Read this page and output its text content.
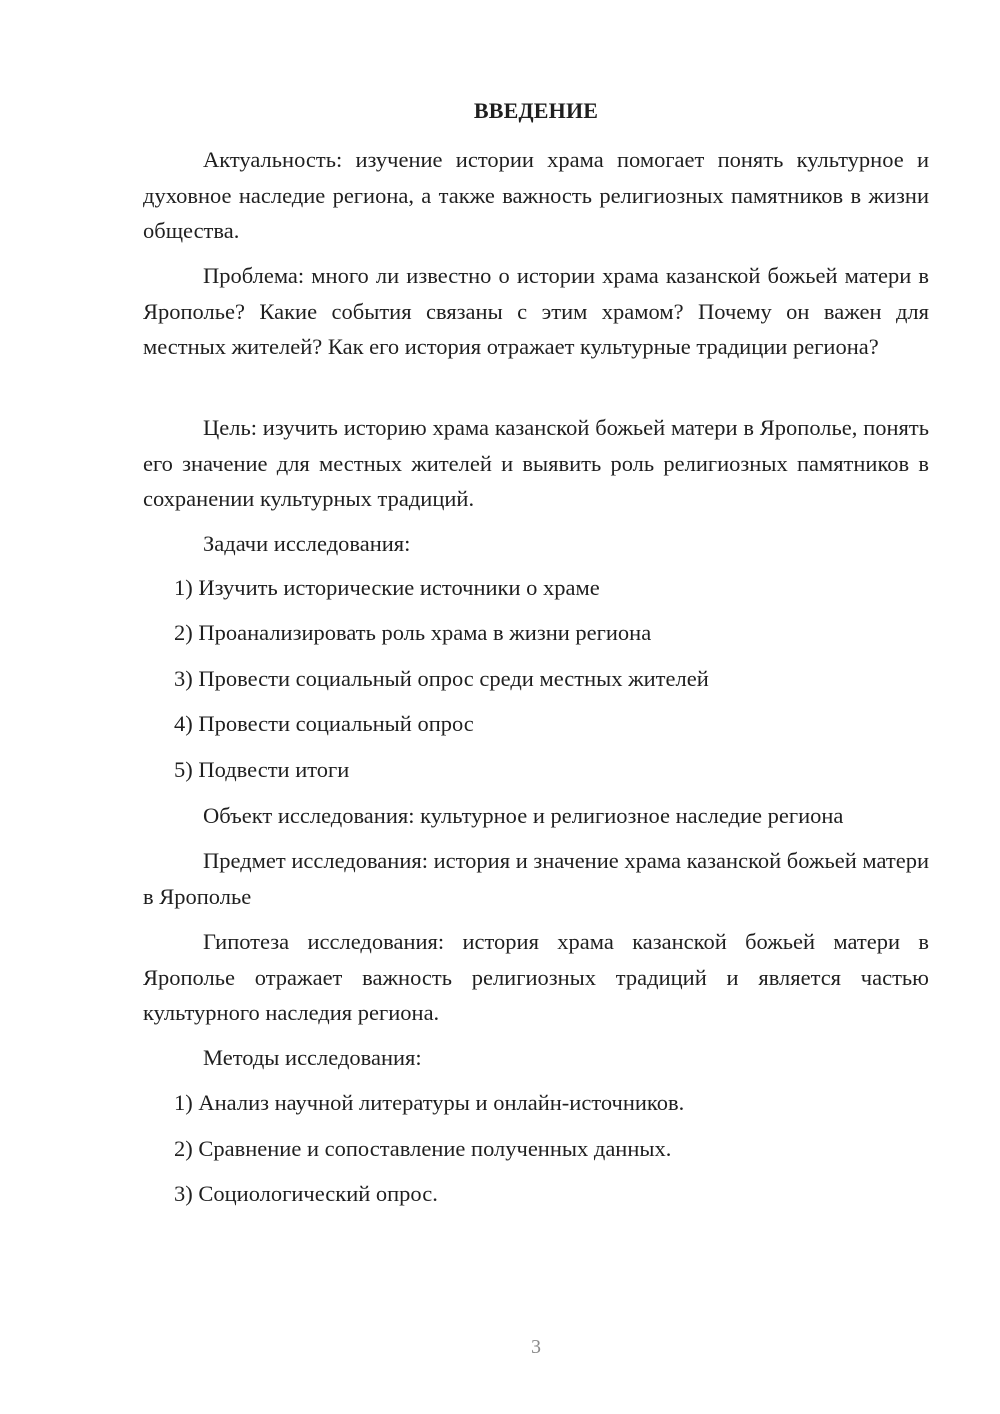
ВВЕДЕНИЕ

Актуальность: изучение истории храма помогает понять культурное и духовное наследие региона, а также важность религиозных памятников в жизни общества.

Проблема: много ли известно о истории храма казанской божьей матери в Ярополье? Какие события связаны с этим храмом? Почему он важен для местных жителей? Как его история отражает культурные традиции региона?

Цель: изучить историю храма казанской божьей матери в Ярополье, понять его значение для местных жителей и выявить роль религиозных памятников в сохранении культурных традиций.

Задачи исследования:
1) Изучить исторические источники о храме
2) Проанализировать роль храма в жизни региона
3) Провести социальный опрос среди местных жителей
4) Провести социальный опрос
5) Подвести итоги
Объект исследования: культурное и религиозное наследие региона

Предмет исследования: история и значение храма казанской божьей матери в Ярополье

Гипотеза исследования: история храма казанской божьей матери в Ярополье отражает важность религиозных традиций и является частью культурного наследия региона.

Методы исследования:
1) Анализ научной литературы и онлайн-источников.
2) Сравнение и сопоставление полученных данных.
3) Социологический опрос.
3
